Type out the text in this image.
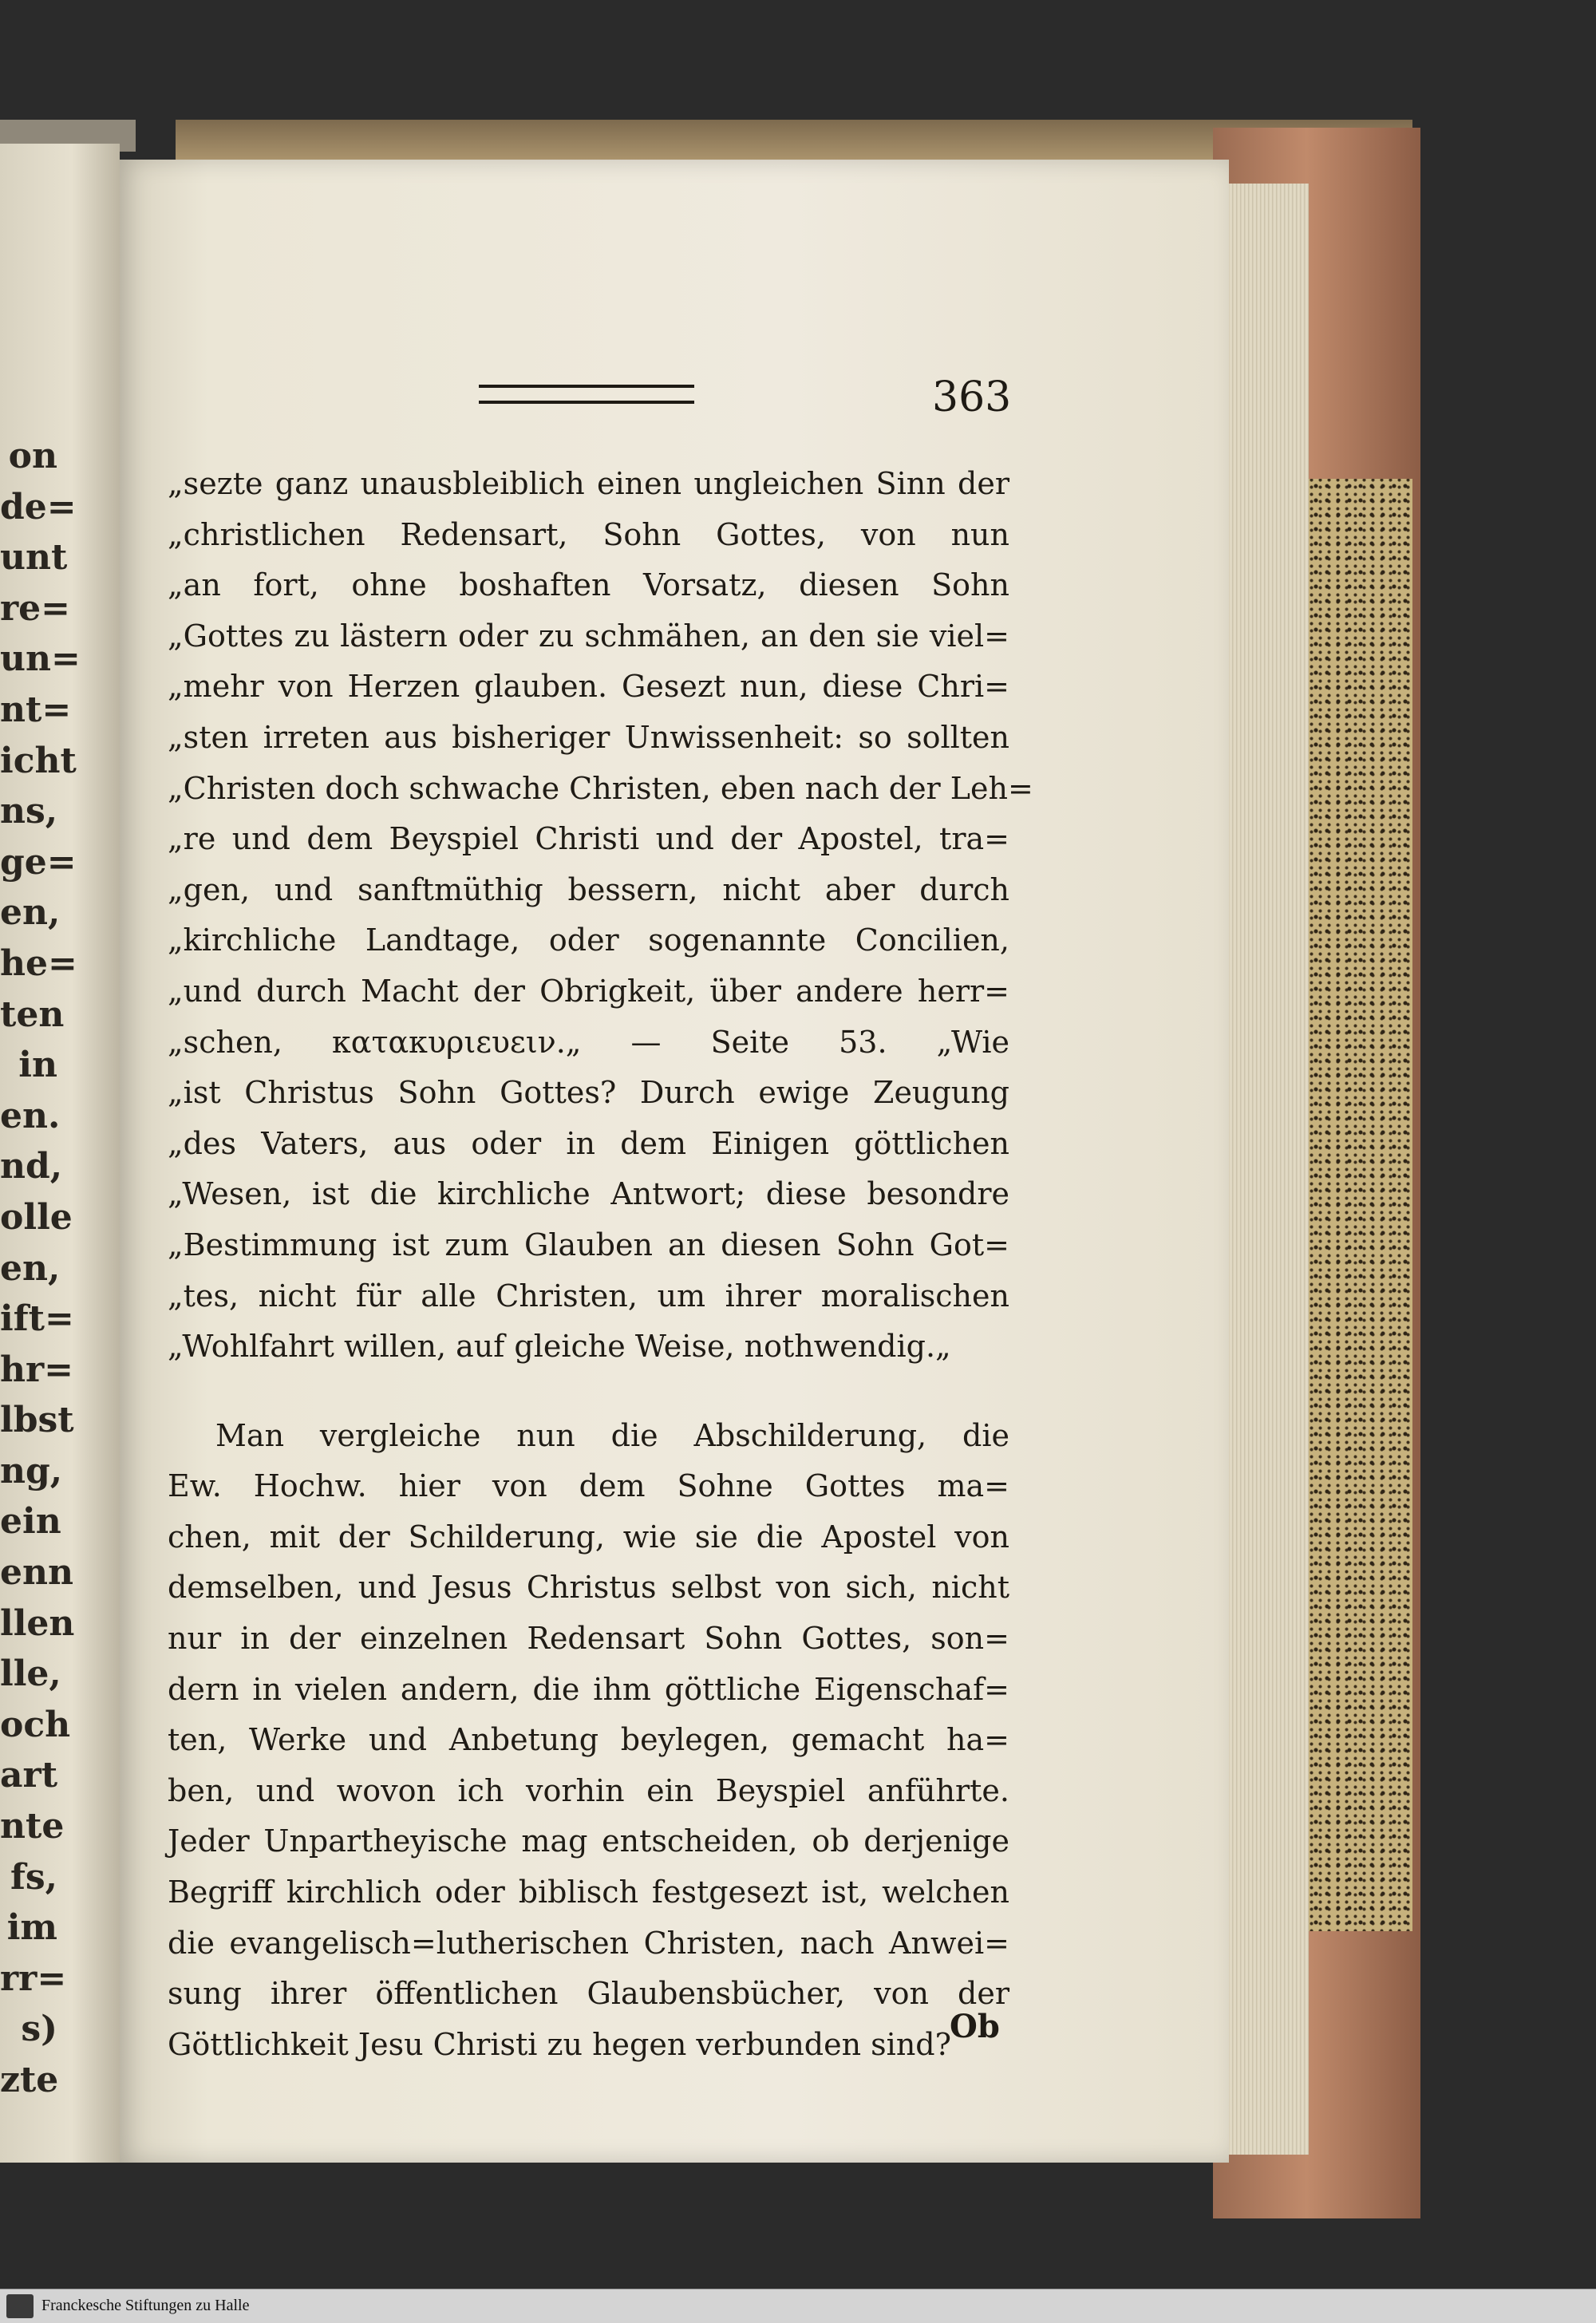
on
de=
unt
re=
un=
nt=
icht
ns,
ge=
en,
he=
ten
in
en.
nd,
olle
en,
ift=
hr=
lbst
ng,
ein
enn
llen
lle,
och
art
nte
fs,
im
rr=
s)
zte
363
„sezte ganz unausbleiblich einen ungleichen Sinn der
„christlichen Redensart, Sohn Gottes, von nun
„an fort, ohne boshaften Vorsatz, diesen Sohn
„Gottes zu lästern oder zu schmähen, an den sie viel=
„mehr von Herzen glauben. Gesezt nun, diese Chri=
„sten irreten aus bisheriger Unwissenheit: so sollten
„Christen doch schwache Christen, eben nach der Leh=
„re und dem Beyspiel Christi und der Apostel, tra=
„gen, und sanftmüthig bessern, nicht aber durch
„kirchliche Landtage, oder sogenannte Concilien,
„und durch Macht der Obrigkeit, über andere herr=
„schen, κατακυριευειν.„ — Seite 53. „Wie
„ist Christus Sohn Gottes? Durch ewige Zeugung
„des Vaters, aus oder in dem Einigen göttlichen
„Wesen, ist die kirchliche Antwort; diese besondre
„Bestimmung ist zum Glauben an diesen Sohn Got=
„tes, nicht für alle Christen, um ihrer moralischen
„Wohlfahrt willen, auf gleiche Weise, nothwendig.„
Man vergleiche nun die Abschilderung, die
Ew. Hochw. hier von dem Sohne Gottes ma=
chen, mit der Schilderung, wie sie die Apostel von
demselben, und Jesus Christus selbst von sich, nicht
nur in der einzelnen Redensart Sohn Gottes, son=
dern in vielen andern, die ihm göttliche Eigenschaf=
ten, Werke und Anbetung beylegen, gemacht ha=
ben, und wovon ich vorhin ein Beyspiel anführte.
Jeder Unpartheyische mag entscheiden, ob derjenige
Begriff kirchlich oder biblisch festgesezt ist, welchen
die evangelisch=lutherischen Christen, nach Anwei=
sung ihrer öffentlichen Glaubensbücher, von der
Göttlichkeit Jesu Christi zu hegen verbunden sind?
Ob
Franckesche Stiftungen zu Halle
